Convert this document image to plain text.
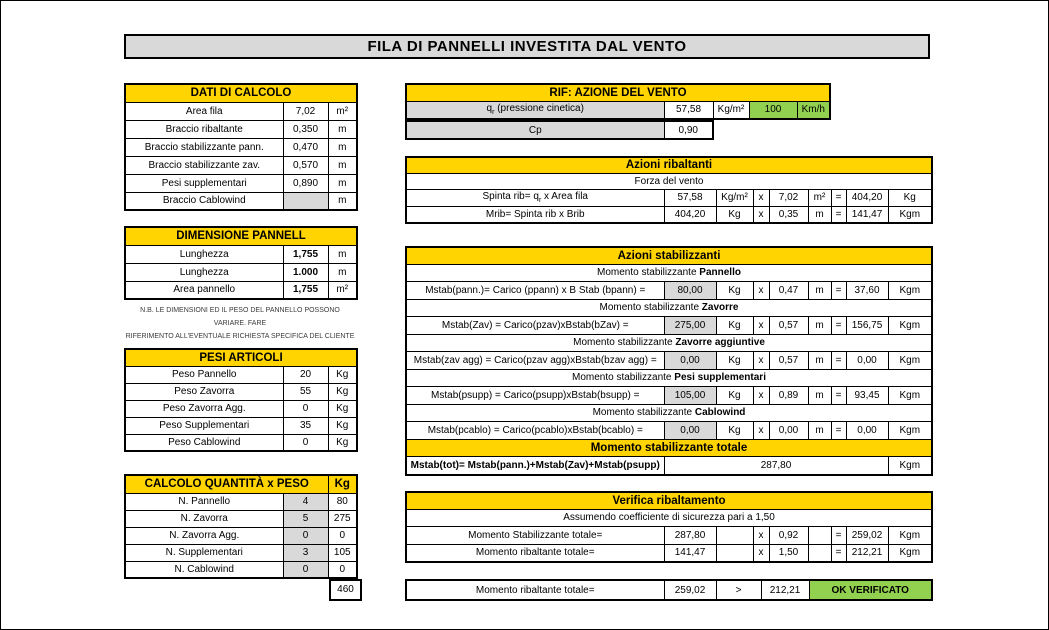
FILA DI PANNELLI INVESTITA DAL VENTO
DATI DI CALCOLO		
Area fila	7,02	m²
Braccio ribaltante	0,350	m
Braccio stabilizzante pann.	0,470	m
Braccio stabilizzante zav.	0,570	m
Pesi supplementari	0,890	m
Braccio Cablowind		m
DIMENSIONE PANNELL		
Lunghezza	1,755	m
Lunghezza	1.000	m
Area pannello	1,755	m²
N.B. LE DIMENSIONI ED IL PESO DEL PANNELLO POSSONO VARIARE. FARE
RIFERIMENTO ALL'EVENTUALE RICHIESTA SPECIFICA DEL CLIENTE
PESI ARTICOLI		
Peso Pannello	20	Kg
Peso Zavorra	55	Kg
Peso Zavorra Agg.	0	Kg
Peso Supplementari	35	Kg
Peso Cablowind	0	Kg
CALCOLO QUANTITÀ x PESO		Kg
N. Pannello	4	80
N. Zavorra	5	275
N. Zavorra Agg.	0	0
N. Supplementari	3	105
N. Cablowind	0	0
460
RIF: AZIONE DEL VENTO
$q_r$ (pressione cinetica)	57,58	Kg/m²	100	Km/h
Cp	0,90
Azioni ribaltanti								
Forza del vento								
Spinta $rib= q_r$ x Area fila	57,58	Kg/m²	x	7,02	m²	=	404,20	Kg
Mrib= Spinta rib x Brib	404,20	Kg	x	0,35	m	=	141,47	Kgm
Azioni stabilizzanti								
Momento stabilizzante Pannello								
Mstab(pann.)= Carico (ppann) x B Stab (bpann) =	80,00	Kg	x	0,47	m	=	37,60	Kgm
Momento stabilizzante Zavorre								
Mstab(Zav) = Carico(pzav)xBstab(bZav) =	275,00	Kg	x	0,57	m	=	156,75	Kgm
Momento stabilizzante Zavorre aggiuntive								
Mstab(zav agg) = Carico(pzav agg)xBstab(bzav agg) =	0,00	Kg	x	0,57	m	=	0,00	Kgm
Momento stabilizzante Pesi supplementari								
Mstab(psupp) = Carico(psupp)xBstab(bsupp) =	105,00	Kg	x	0,89	m	=	93,45	Kgm
Momento stabilizzante Cablowind								
Mstab(pcablo) = Carico(pcablo)xBstab(bcablo) =	0,00	Kg	x	0,00	m	=	0,00	Kgm
Momento stabilizzante totale								
Mstab(tot)= Mstab(pann.)+Mstab(Zav)+Mstab(psupp)	287,80							Kgm
Verifica ribaltamento								
Assumendo coefficiente di sicurezza pari a 1,50								
Momento Stabilizzante totale=	287,80		x	0,92		=	259,02	Kgm
Momento ribaltante totale=	141,47		x	1,50		=	212,21	Kgm
Momento ribaltante totale=	259,02	>	212,21	OK VERIFICATO
